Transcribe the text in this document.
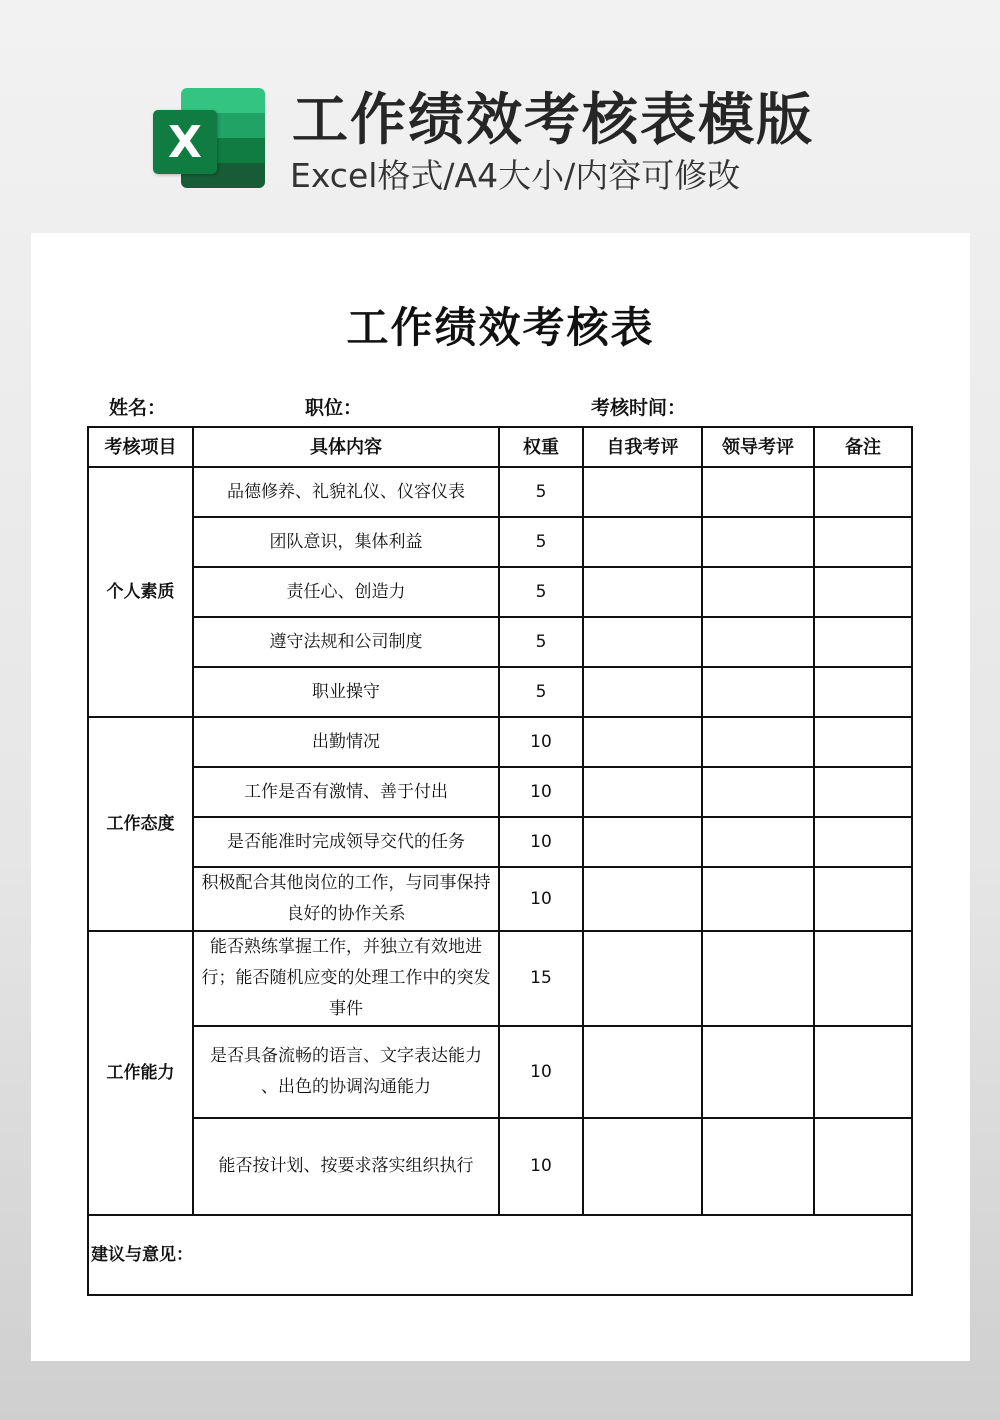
X 工作绩效考核表模版
Excel格式/A4大小/内容可修改
工作绩效考核表
姓名：	职位：	考核时间：
考核项目	具体内容	权重	自我考评	领导考评	备注
个人素质	品德修养、礼貌礼仪、仪容仪表	5			
	团队意识，集体利益	5			
	责任心、创造力	5			
	遵守法规和公司制度	5			
	职业操守	5			
工作态度	出勤情况	10			
	工作是否有激情、善于付出	10			
	是否能准时完成领导交代的任务	10			
	积极配合其他岗位的工作，与同事保持良好的协作关系	10			
工作能力	能否熟练掌握工作，并独立有效地进行；能否随机应变的处理工作中的突发事件	15			
	是否具备流畅的语言、文字表达能力 、出色的协调沟通能力	10			
	能否按计划、按要求落实组织执行	10			
建议与意见：					
